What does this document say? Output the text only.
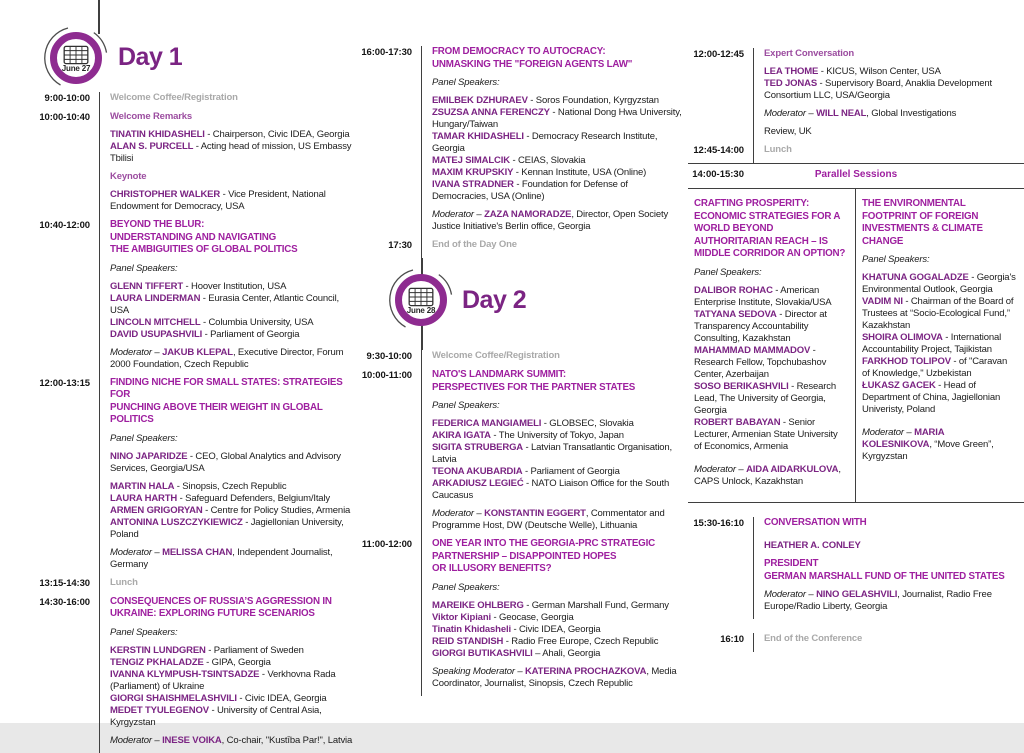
June 27 Day 1
9:00-10:00	Welcome Coffee/Registration
10:00-10:40	Welcome Remarks
TINATIN KHIDASHELI - Chairperson, Civic IDEA, Georgia
ALAN S. PURCELL - Acting head of mission, US Embassy Tbilisi
Keynote
CHRISTOPHER WALKER - Vice President, National Endowment for Democracy, USA
10:40-12:00	BEYOND THE BLUR:
UNDERSTANDING AND NAVIGATING
THE AMBIGUITIES OF GLOBAL POLITICS
Panel Speakers:
GLENN TIFFERT - Hoover Institution, USA
LAURA LINDERMAN - Eurasia Center, Atlantic Council, USA
LINCOLN MITCHELL - Columbia University, USA
DAVID USUPASHVILI - Parliament of Georgia
Moderator – JAKUB KLEPAL, Executive Director, Forum 2000 Foundation, Czech Republic
12:00-13:15	FINDING NICHE FOR SMALL STATES: STRATEGIES FOR
PUNCHING ABOVE THEIR WEIGHT IN GLOBAL POLITICS
Panel Speakers:
NINO JAPARIDZE - CEO, Global Analytics and Advisory Services, Georgia/USA
MARTIN HALA - Sinopsis, Czech Republic
LAURA HARTH - Safeguard Defenders, Belgium/Italy
ARMEN GRIGORYAN - Centre for Policy Studies, Armenia
ANTONINA LUSZCZYKIEWICZ - Jagiellonian University, Poland
Moderator – MELISSA CHAN, Independent Journalist, Germany
13:15-14:30	Lunch
14:30-16:00	CONSEQUENCES OF RUSSIA’S AGGRESSION IN
UKRAINE: EXPLORING FUTURE SCENARIOS
Panel Speakers:
KERSTIN LUNDGREN - Parliament of Sweden
TENGIZ PKHALADZE - GIPA, Georgia
IVANNA KLYMPUSH-TSINTSADZE - Verkhovna Rada (Parliament) of Ukraine
GIORGI SHAISHMELASHVILI - Civic IDEA, Georgia
MEDET TYULEGENOV - University of Central Asia, Kyrgyzstan
Moderator – INESE VOIKA, Co-chair, "Kustība Par!", Latvia
16:00-17:30	FROM DEMOCRACY TO AUTOCRACY:
UNMASKING THE "FOREIGN AGENTS LAW"
Panel Speakers:
EMILBEK DZHURAEV - Soros Foundation, Kyrgyzstan
ZSUZSA ANNA FERENCZY - National Dong Hwa University, Hungary/Taiwan
TAMAR KHIDASHELI - Democracy Research Institute, Georgia
MATEJ SIMALCIK - CEIAS, Slovakia
MAXIM KRUPSKIY - Kennan Institute, USA (Online)
IVANA STRADNER - Foundation for Defense of Democracies, USA (Online)
Moderator – ZAZA NAMORADZE, Director, Open Society Justice Initiative's Berlin office, Georgia
17:30	End of the Day One
June 28 Day 2
9:30-10:00	Welcome Coffee/Registration
10:00-11:00	NATO'S LANDMARK SUMMIT:
PERSPECTIVES FOR THE PARTNER STATES
Panel Speakers:
FEDERICA MANGIAMELI - GLOBSEC, Slovakia
AKIRA IGATA - The University of Tokyo, Japan
SIGITA STRUBERGA - Latvian Transatlantic Organisation, Latvia
TEONA AKUBARDIA - Parliament of Georgia
ARKADIUSZ LEGIEĆ - NATO Liaison Office for the South Caucasus
Moderator – KONSTANTIN EGGERT, Commentator and Programme Host, DW (Deutsche Welle), Lithuania
11:00-12:00	ONE YEAR INTO THE GEORGIA-PRC STRATEGIC
PARTNERSHIP – DISAPPOINTED HOPES
OR ILLUSORY BENEFITS?
Panel Speakers:
MAREIKE OHLBERG - German Marshall Fund, Germany
Viktor Kipiani - Geocase, Georgia
Tinatin Khidasheli - Civic IDEA, Georgia
REID STANDISH - Radio Free Europe, Czech Republic
GIORGI BUTIKASHVILI – Ahali, Georgia
Speaking Moderator – KATERINA PROCHAZKOVA, Media Coordinator, Journalist, Sinopsis, Czech Republic
12:00-12:45	Expert Conversation
LEA THOME - KICUS, Wilson Center, USA
TED JONAS - Supervisory Board, Anaklia Development Consortium LLC, USA/Georgia
Moderator – WILL NEAL, Global Investigations
Review, UK
12:45-14:00	Lunch
14:00-15:30	Parallel Sessions
CRAFTING PROSPERITY:
ECONOMIC STRATEGIES FOR A
WORLD BEYOND
AUTHORITARIAN REACH – IS
MIDDLE CORRIDOR AN OPTION?
Panel Speakers:
DALIBOR ROHAC - American Enterprise Institute, Slovakia/USA
TATYANA SEDOVA - Director at Transparency Accountability Consulting, Kazakhstan
MAHAMMAD MAMMADOV - Research Fellow, Topchubashov Center, Azerbaijan
SOSO BERIKASHVILI - Research Lead, The University of Georgia, Georgia
ROBERT BABAYAN - Senior Lecturer, Armenian State University of Economics, Armenia
Moderator – AIDA AIDARKULOVA, CAPS Unlock, Kazakhstan
THE ENVIRONMENTAL
FOOTPRINT OF FOREIGN
INVESTMENTS & CLIMATE
CHANGE
Panel Speakers:
KHATUNA GOGALADZE - Georgia's Environmental Outlook, Georgia
VADIM NI - Chairman of the Board of Trustees at “Socio-Ecological Fund,” Kazakhstan
SHOIRA OLIMOVA - International Accountability Project, Tajikistan
FARKHOD TOLIPOV - of "Caravan of Knowledge," Uzbekistan
ŁUKASZ GACEK - Head of Department of China, Jagiellonian Univeristy, Poland
Moderator – MARIA KOLESNIKOVA, “Move Green”, Kyrgyzstan
15:30-16:10	CONVERSATION WITH
HEATHER A. CONLEY
PRESIDENT
GERMAN MARSHALL FUND OF THE UNITED STATES
Moderator – NINO GELASHVILI, Journalist, Radio Free Europe/Radio Liberty, Georgia
16:10	End of the Conference
